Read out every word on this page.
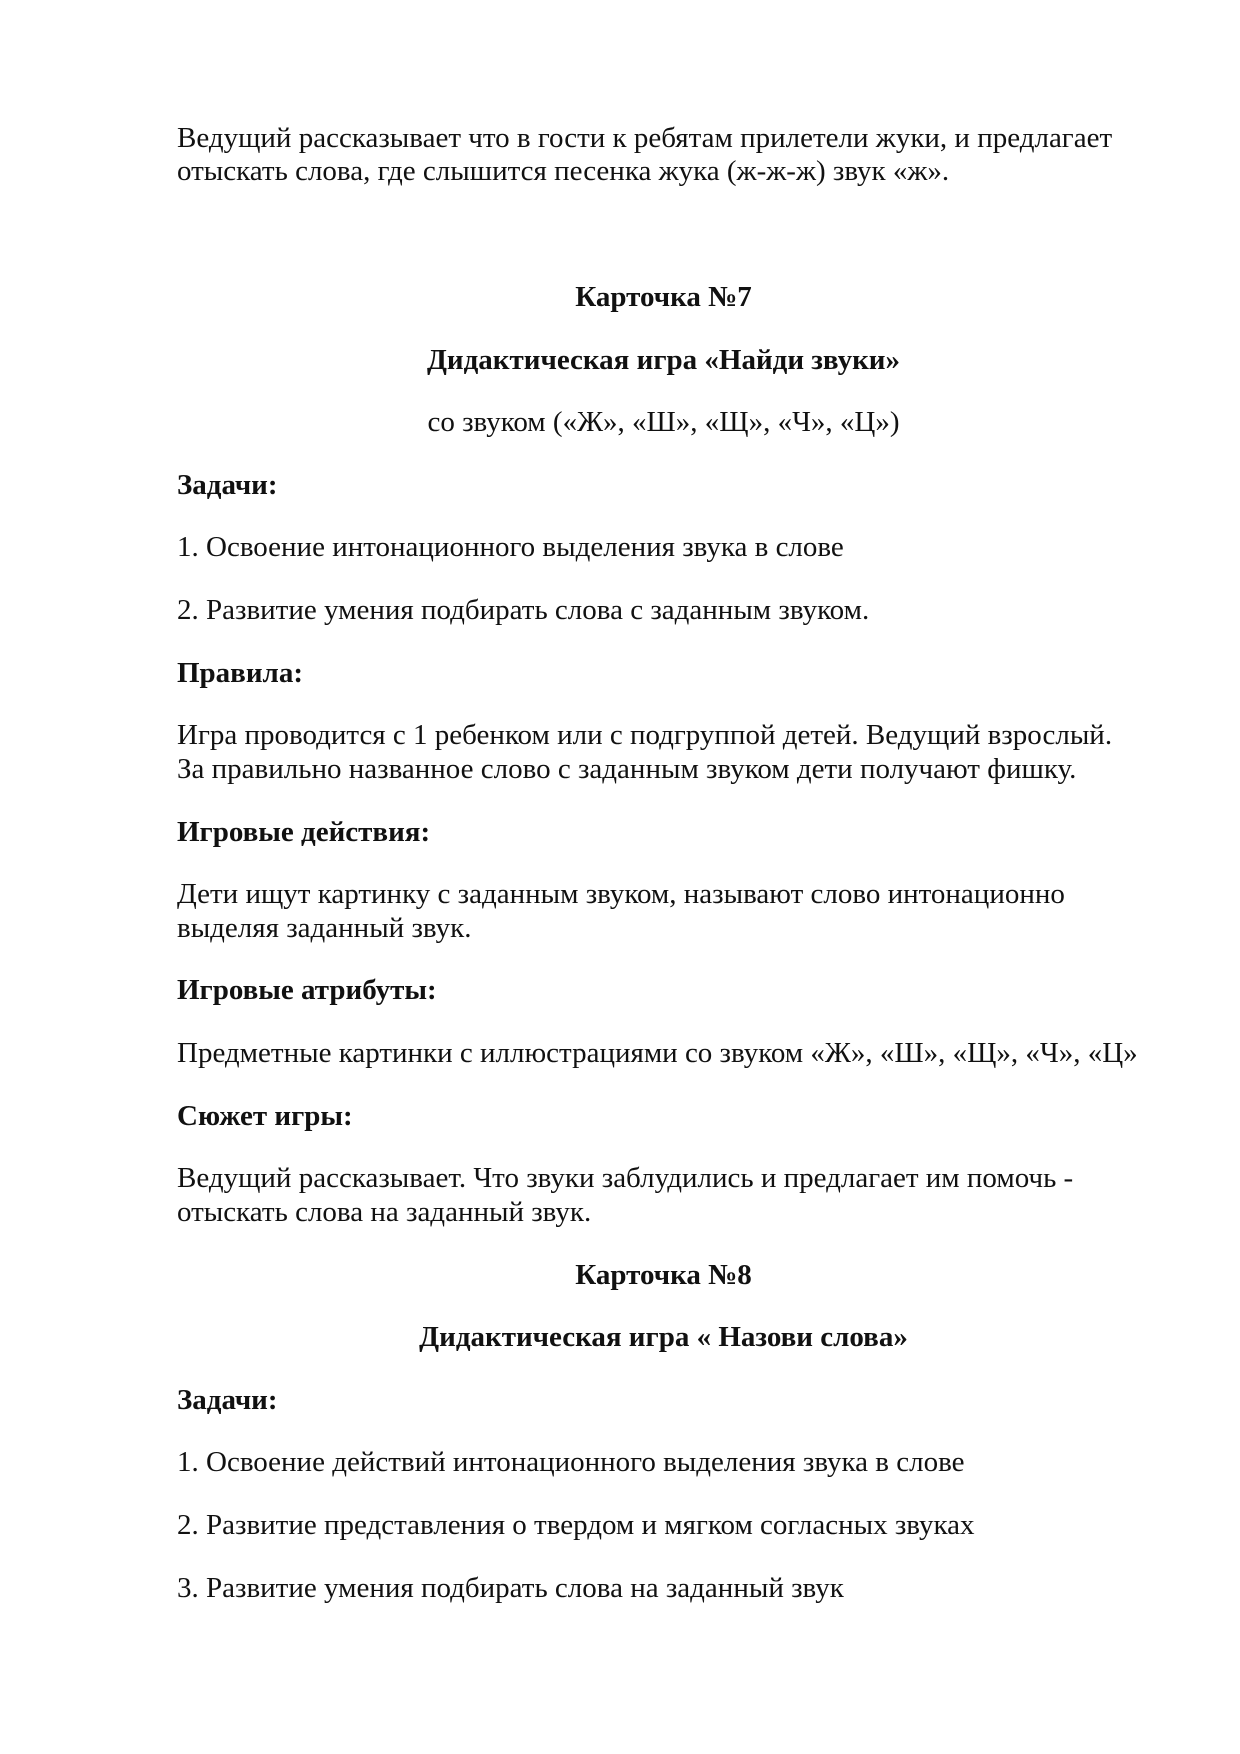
Ведущий рассказывает что в гости к ребятам прилетели жуки, и предлагает
отыскать слова, где слышится песенка жука (ж-ж-ж) звук «ж».
Карточка №7
Дидактическая игра «Найди звуки»
со звуком («Ж», «Ш», «Щ», «Ч», «Ц»)
Задачи:
1. Освоение интонационного выделения звука в слове
2. Развитие умения подбирать слова с заданным звуком.
Правила:
Игра проводится с 1 ребенком или с подгруппой детей. Ведущий взрослый.
За правильно названное слово с заданным звуком дети получают фишку.
Игровые действия:
Дети ищут картинку с заданным звуком, называют слово интонационно
выделяя заданный звук.
Игровые атрибуты:
Предметные картинки с иллюстрациями со звуком «Ж», «Ш», «Щ», «Ч», «Ц»
Сюжет игры:
Ведущий рассказывает. Что звуки заблудились и предлагает им помочь -
отыскать слова на заданный звук.
Карточка №8
Дидактическая игра « Назови слова»
Задачи:
1. Освоение действий интонационного выделения звука в слове
2. Развитие представления о твердом и мягком согласных звуках
3. Развитие умения подбирать слова на заданный звук
